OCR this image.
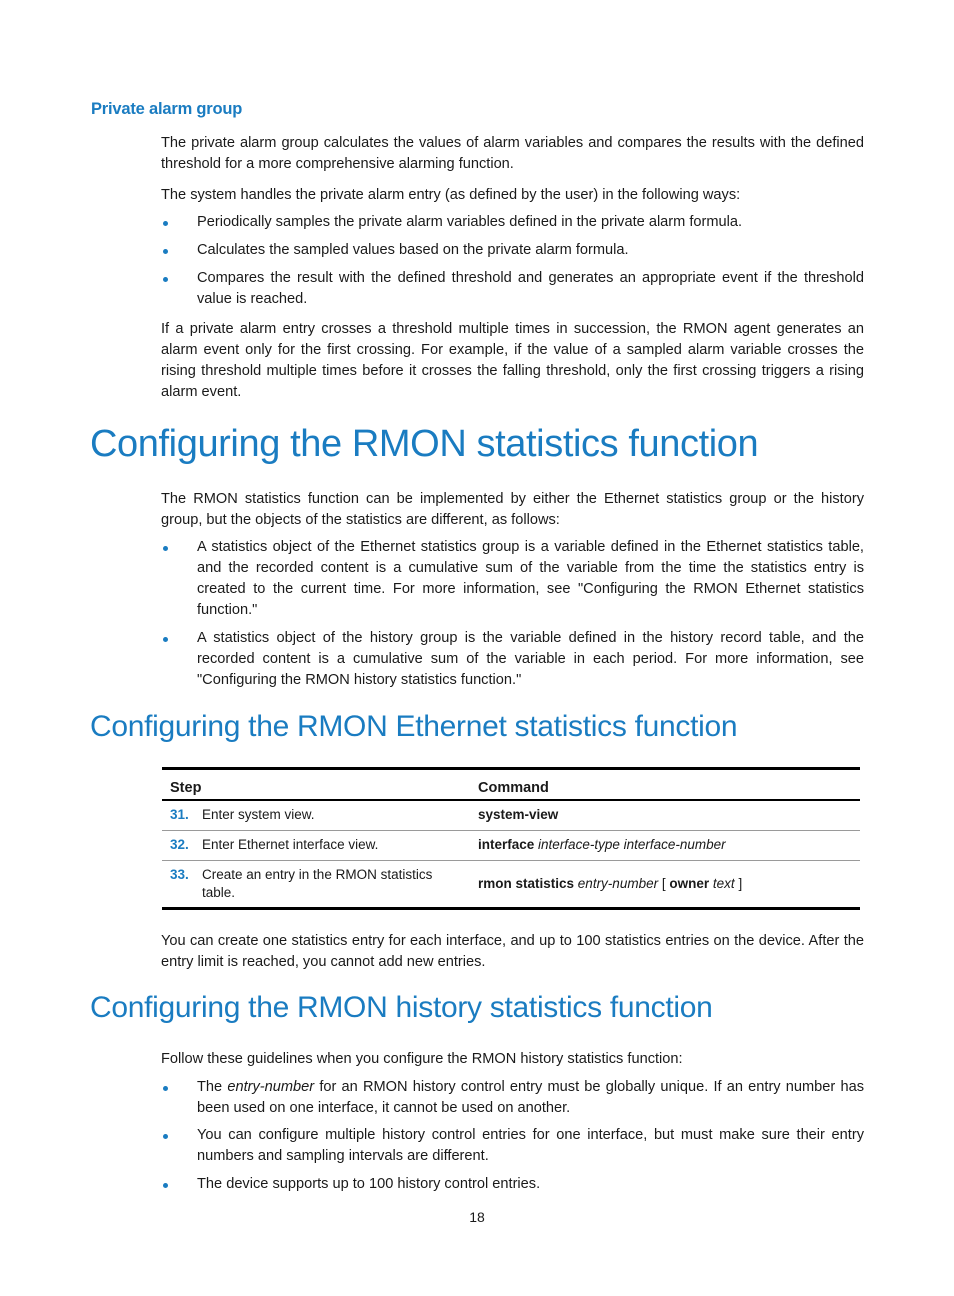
Private alarm group

The private alarm group calculates the values of alarm variables and compares the results with the defined threshold for a more comprehensive alarming function.

The system handles the private alarm entry (as defined by the user) in the following ways:

Periodically samples the private alarm variables defined in the private alarm formula.
Calculates the sampled values based on the private alarm formula.
Compares the result with the defined threshold and generates an appropriate event if the threshold value is reached.

If a private alarm entry crosses a threshold multiple times in succession, the RMON agent generates an alarm event only for the first crossing. For example, if the value of a sampled alarm variable crosses the rising threshold multiple times before it crosses the falling threshold, only the first crossing triggers a rising alarm event.

Configuring the RMON statistics function

The RMON statistics function can be implemented by either the Ethernet statistics group or the history group, but the objects of the statistics are different, as follows:

A statistics object of the Ethernet statistics group is a variable defined in the Ethernet statistics table, and the recorded content is a cumulative sum of the variable from the time the statistics entry is created to the current time. For more information, see "Configuring the RMON Ethernet statistics function."
A statistics object of the history group is the variable defined in the history record table, and the recorded content is a cumulative sum of the variable in each period. For more information, see "Configuring the RMON history statistics function."
Configuring the RMON Ethernet statistics function
Step	Command

31. Enter system view.	system-view

32. Enter Ethernet interface view.	interface interface-type interface-number

33. Create an entry in the RMON statistics table.	rmon statistics entry-number [ owner text ]

You can create one statistics entry for each interface, and up to 100 statistics entries on the device. After the entry limit is reached, you cannot add new entries.

Configuring the RMON history statistics function

Follow these guidelines when you configure the RMON history statistics function:

The entry-number for an RMON history control entry must be globally unique. If an entry number has been used on one interface, it cannot be used on another.
You can configure multiple history control entries for one interface, but must make sure their entry numbers and sampling intervals are different.
The device supports up to 100 history control entries.
18
